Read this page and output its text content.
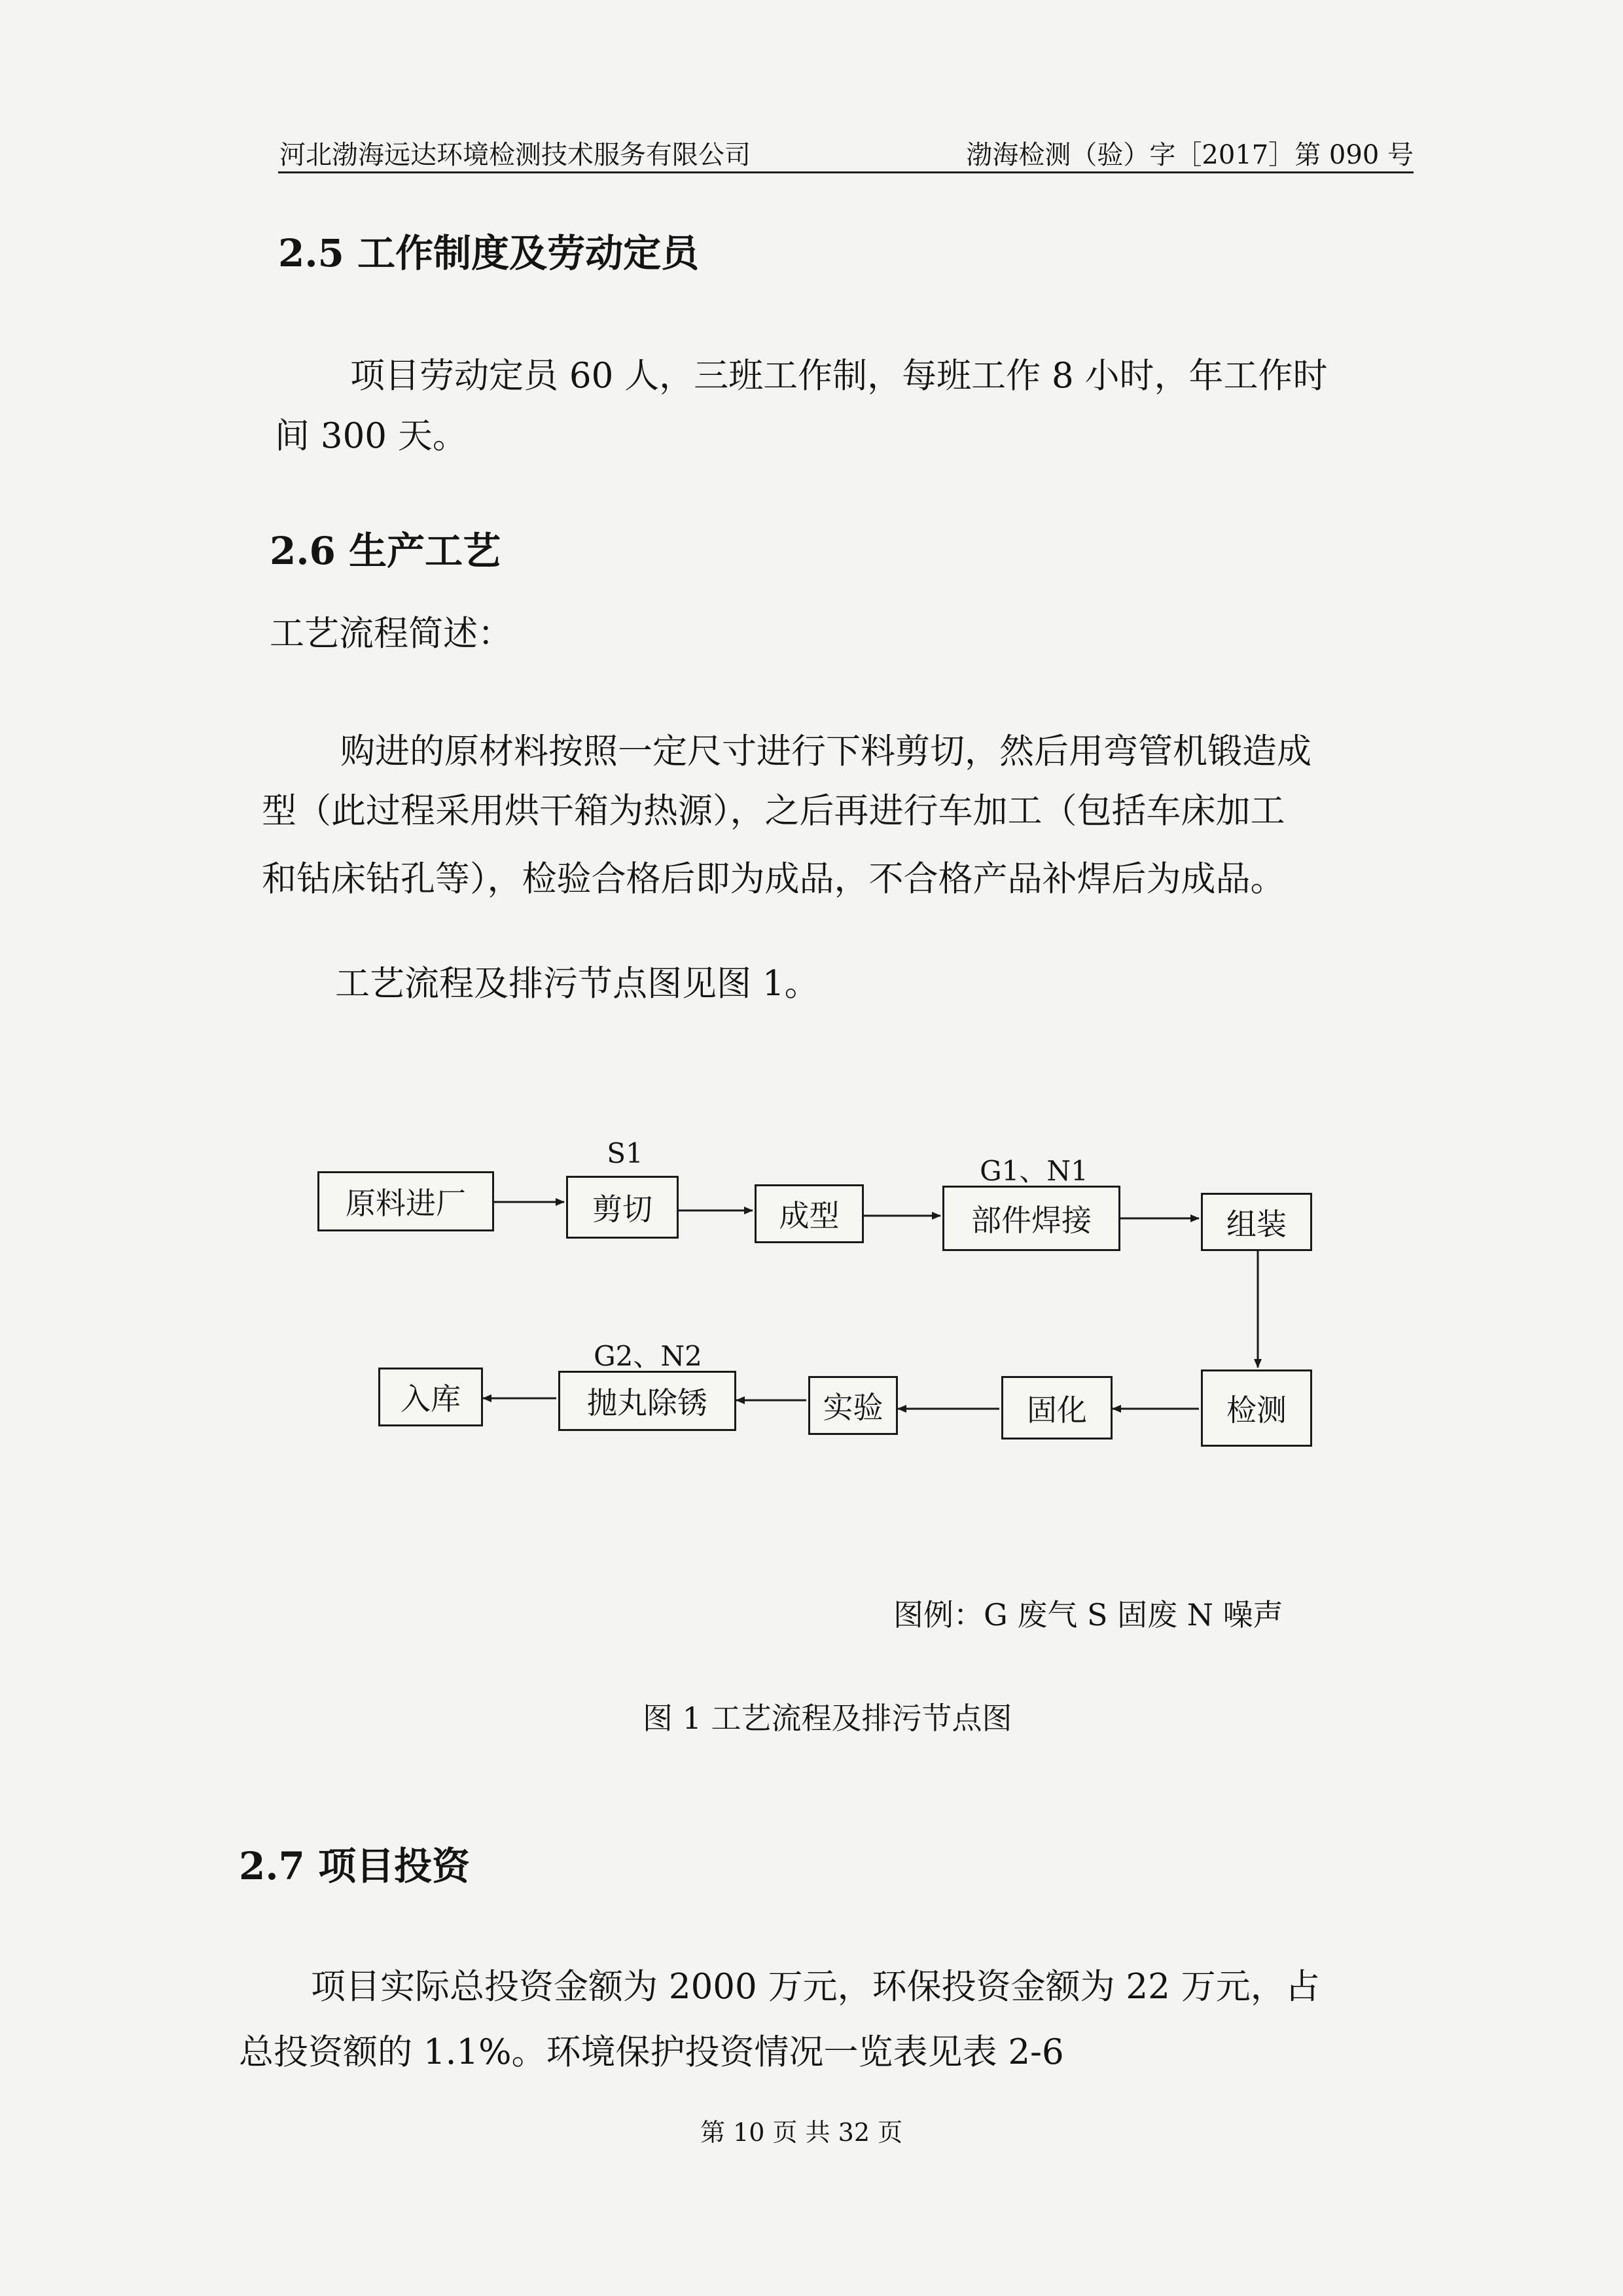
河北渤海远达环境检测技术服务有限公司	渤海检测（验）字［2017］第 090 号
2.5 工作制度及劳动定员
项目劳动定员 60 人，三班工作制，每班工作 8 小时，年工作时
间 300 天。
2.6 生产工艺
工艺流程简述：
购进的原材料按照一定尺寸进行下料剪切，然后用弯管机锻造成
型（此过程采用烘干箱为热源），之后再进行车加工（包括车床加工
和钻床钻孔等），检验合格后即为成品，不合格产品补焊后为成品。
工艺流程及排污节点图见图 1。
原料进厂	剪切	成型	部件焊接	组装
检测
固化
实验
抛丸除锈
入库
S1
G1、N1
G2、N2
图例：G 废气 S 固废 N 噪声
图 1 工艺流程及排污节点图
2.7 项目投资
项目实际总投资金额为 2000 万元，环保投资金额为 22 万元，占
总投资额的 1.1%。环境保护投资情况一览表见表 2-6
第 10 页 共 32 页
